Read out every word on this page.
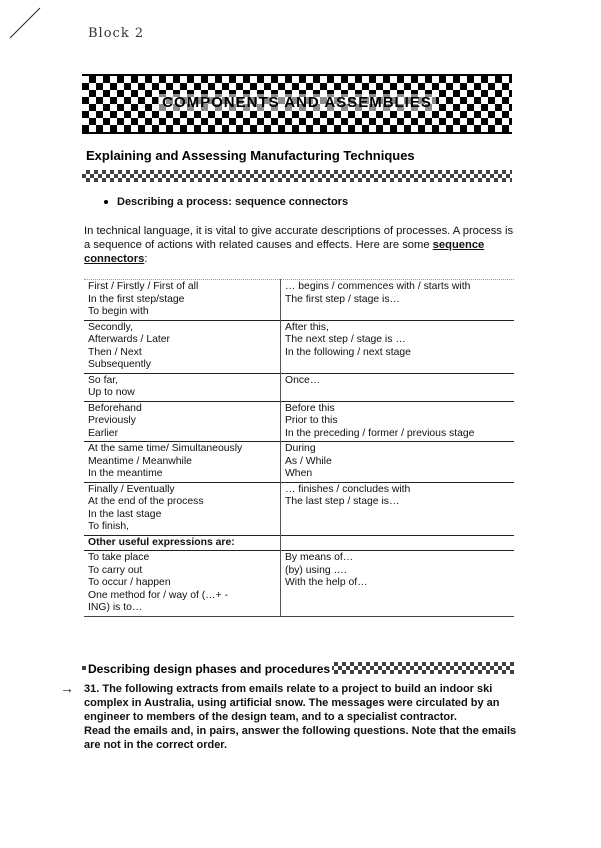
Block 2
COMPONENTS AND ASSEMBLIES
Explaining and Assessing Manufacturing Techniques
Describing a process: sequence connectors
In technical language, it is vital to give accurate descriptions of processes. A process is a sequence of actions with related causes and effects. Here are some sequence connectors:
First / Firstly / First of all
In the first step/stage
To begin with	… begins / commences with / starts with
The first step / stage is…

Secondly,
Afterwards / Later
Then / Next
Subsequently	After this,
The next step / stage is …
In the following / next stage

So far,
Up to now	Once…

Beforehand
Previously
Earlier	Before this
Prior to this
In the preceding / former / previous stage

At the same time/ Simultaneously
Meantime / Meanwhile
In the meantime	During
As / While
When

Finally / Eventually
At the end of the process
In the last stage
To finish,	… finishes / concludes with
The last step / stage is…

Other useful expressions are:	

To take place
To carry out
To occur / happen
One method for / way of (…+ -
ING) is to…	By means of…
(by) using ….
With the help of…
Describing design phases and procedures
→ 31. The following extracts from emails relate to a project to build an indoor ski complex in Australia, using artificial snow. The messages were circulated by an engineer to members of the design team, and to a specialist contractor.
Read the emails and, in pairs, answer the following questions. Note that the emails are not in the correct order.
